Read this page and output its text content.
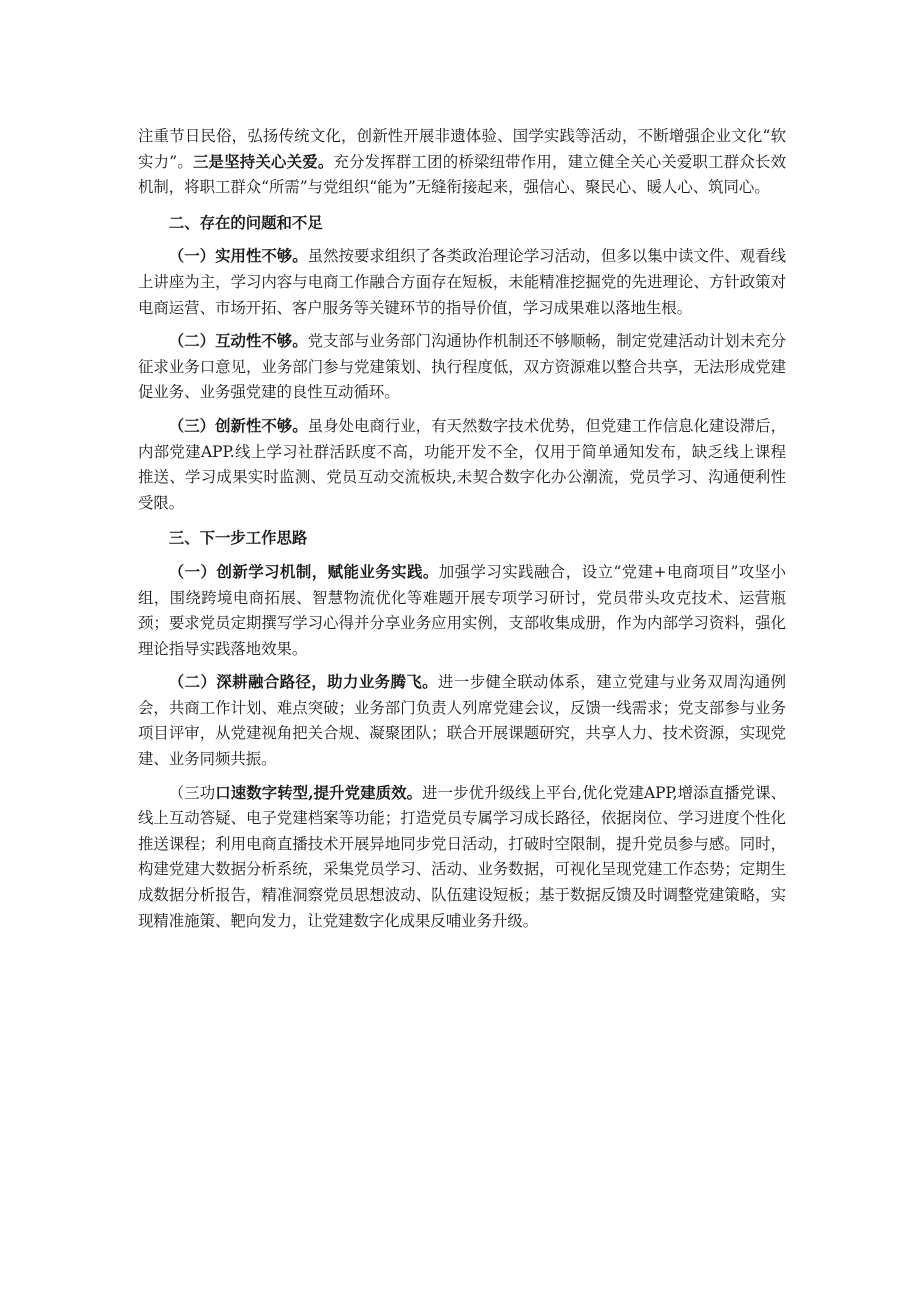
注重节日民俗，弘扬传统文化，创新性开展非遗体验、国学实践等活动，不断增强企业文化“软实力”。三是坚持关心关爱。充分发挥群工团的桥梁纽带作用，建立健全关心关爱职工群众长效机制，将职工群众“所需”与党组织“能为”无缝衔接起来，强信心、聚民心、暖人心、筑同心。

二、存在的问题和不足

（一）实用性不够。虽然按要求组织了各类政治理论学习活动，但多以集中读文件、观看线上讲座为主，学习内容与电商工作融合方面存在短板，未能精准挖掘党的先进理论、方针政策对电商运营、市场开拓、客户服务等关键环节的指导价值，学习成果难以落地生根。

（二）互动性不够。党支部与业务部门沟通协作机制还不够顺畅，制定党建活动计划未充分征求业务口意见，业务部门参与党建策划、执行程度低，双方资源难以整合共享，无法形成党建促业务、业务强党建的良性互动循环。

（三）创新性不够。虽身处电商行业，有天然数字技术优势，但党建工作信息化建设滞后，内部党建APP.线上学习社群活跃度不高，功能开发不全，仅用于简单通知发布，缺乏线上课程推送、学习成果实时监测、党员互动交流板块,未契合数字化办公潮流，党员学习、沟通便利性受限。

三、下一步工作思路

（一）创新学习机制，赋能业务实践。加强学习实践融合，设立“党建+电商项目”攻坚小组，围绕跨境电商拓展、智慧物流优化等难题开展专项学习研讨，党员带头攻克技术、运营瓶颈；要求党员定期撰写学习心得并分享业务应用实例，支部收集成册，作为内部学习资料，强化理论指导实践落地效果。

（二）深耕融合路径，助力业务腾飞。进一步健全联动体系，建立党建与业务双周沟通例会，共商工作计划、难点突破；业务部门负责人列席党建会议，反馈一线需求；党支部参与业务项目评审，从党建视角把关合规、凝聚团队；联合开展课题研究，共享人力、技术资源，实现党建、业务同频共振。

（三功口速数字转型,提升党建质效。进一步优升级线上平台,优化党建APP,增添直播党课、线上互动答疑、电子党建档案等功能；打造党员专属学习成长路径，依据岗位、学习进度个性化推送课程；利用电商直播技术开展异地同步党日活动，打破时空限制，提升党员参与感。同时，构建党建大数据分析系统，采集党员学习、活动、业务数据，可视化呈现党建工作态势；定期生成数据分析报告，精准洞察党员思想波动、队伍建设短板；基于数据反馈及时调整党建策略，实现精准施策、靶向发力，让党建数字化成果反哺业务升级。
